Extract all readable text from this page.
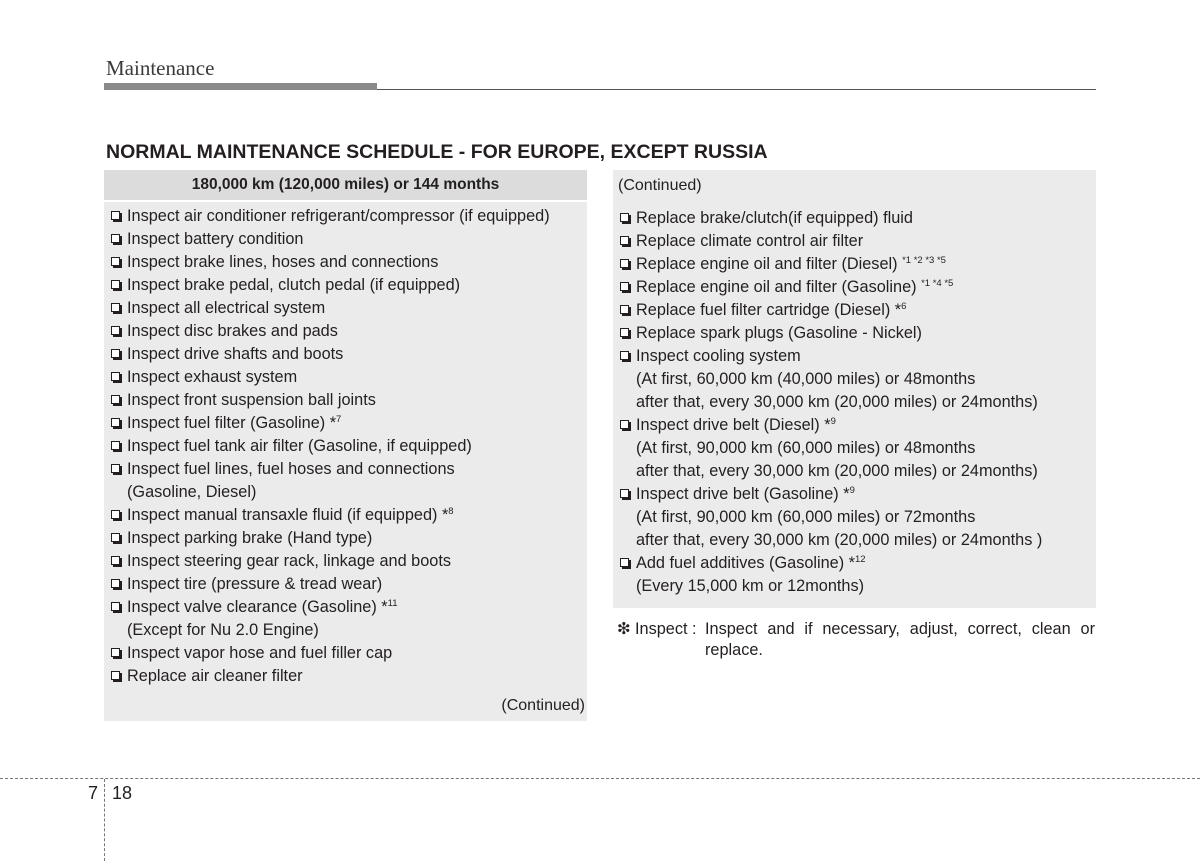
Maintenance
NORMAL MAINTENANCE SCHEDULE - FOR EUROPE, EXCEPT RUSSIA
180,000 km (120,000 miles) or 144 months
Inspect air conditioner refrigerant/compressor (if equipped)
Inspect battery condition
Inspect brake lines, hoses and connections
Inspect brake pedal, clutch pedal (if equipped)
Inspect all electrical system
Inspect disc brakes and pads
Inspect drive shafts and boots
Inspect exhaust system
Inspect front suspension ball joints
Inspect fuel filter (Gasoline) *$^7$
Inspect fuel tank air filter (Gasoline, if equipped)
Inspect fuel lines, fuel hoses and connections
(Gasoline, Diesel)
Inspect manual transaxle fluid (if equipped) *$^8$
Inspect parking brake (Hand type)
Inspect steering gear rack, linkage and boots
Inspect tire (pressure & tread wear)
Inspect valve clearance (Gasoline) *$^{11}$
(Except for Nu 2.0 Engine)
Inspect vapor hose and fuel filler cap
Replace air cleaner filter
(Continued)
(Continued)
Replace brake/clutch(if equipped) fluid
Replace climate control air filter
Replace engine oil and filter (Diesel) $^{*1 *2 *3 *5}$
Replace engine oil and filter (Gasoline) $^{*1 *4 *5}$
Replace fuel filter cartridge (Diesel) *$^6$
Replace spark plugs (Gasoline - Nickel)
Inspect cooling system
(At first, 60,000 km (40,000 miles) or 48months
after that, every 30,000 km (20,000 miles) or 24months)
Inspect drive belt (Diesel) *$^9$
(At first, 90,000 km (60,000 miles) or 48months
after that, every 30,000 km (20,000 miles) or 24months)
Inspect drive belt (Gasoline) *$^9$
(At first, 90,000 km (60,000 miles) or 72months
after that, every 30,000 km (20,000 miles) or 24months )
Add fuel additives (Gasoline) *$^{12}$
(Every 15,000 km or 12months)
❇ Inspect : Inspect and if necessary, adjust, correct, clean or replace.
7 18
